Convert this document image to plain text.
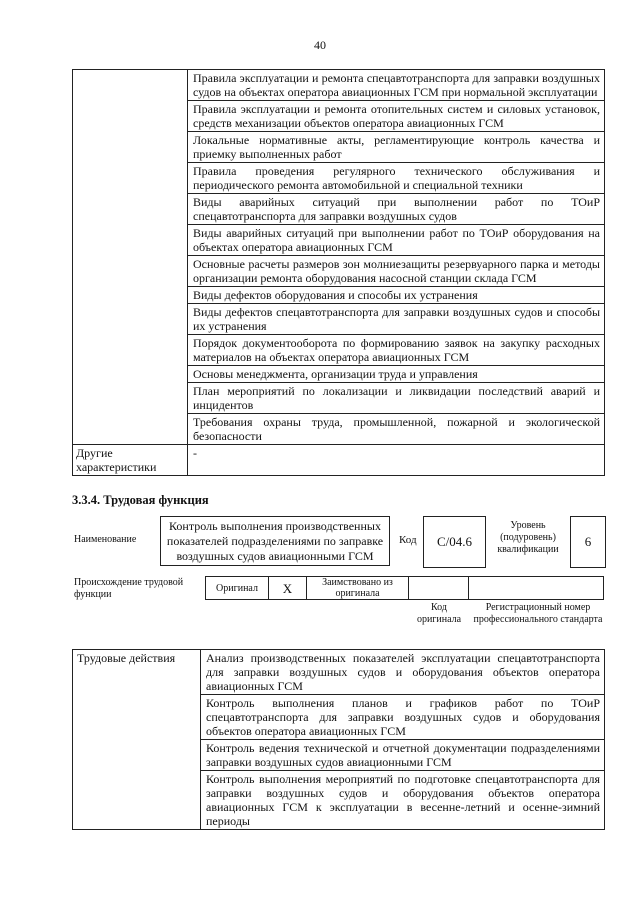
40
	Правила эксплуатации и ремонта спецавтотранспорта для заправки воздушных судов на объектах оператора авиационных ГСМ при нормальной эксплуатации
	Правила эксплуатации и ремонта отопительных систем и силовых установок, средств механизации объектов оператора авиационных ГСМ
	Локальные нормативные акты, регламентирующие контроль качества и приемку выполненных работ
	Правила проведения регулярного технического обслуживания и периодического ремонта автомобильной и специальной техники
	Виды аварийных ситуаций при выполнении работ по ТОиР спецавтотранспорта для заправки воздушных судов
	Виды аварийных ситуаций при выполнении работ по ТОиР оборудования на объектах оператора авиационных ГСМ
	Основные расчеты размеров зон молниезащиты резервуарного парка и методы организации ремонта оборудования насосной станции склада ГСМ
	Виды дефектов оборудования и способы их устранения
	Виды дефектов спецавтотранспорта для заправки воздушных судов и способы их устранения
	Порядок документооборота по формированию заявок на закупку расходных материалов на объектах оператора авиационных ГСМ
	Основы менеджмента, организации труда и управления
	План мероприятий по локализации и ликвидации последствий аварий и инцидентов
	Требования охраны труда, промышленной, пожарной и экологической безопасности
Другие характеристики	-
3.3.4. Трудовая функция
Наименование
Контроль выполнения производственных показателей подразделениями по заправке воздушных судов авиационными ГСМ
Код	C/04.6
Уровень (подуровень) квалификации
6
Происхождение трудовой функции
Оригинал	X	Заимствовано из оригинала
Код оригинала
Регистрационный номер профессионального стандарта
Трудовые действия	Анализ производственных показателей эксплуатации спецавтотранспорта для заправки воздушных судов и оборудования объектов оператора авиационных ГСМ
Контроль выполнения планов и графиков работ по ТОиР спецавтотранспорта для заправки воздушных судов и оборудования объектов оператора авиационных ГСМ
Контроль ведения технической и отчетной документации подразделениями заправки воздушных судов авиационными ГСМ
Контроль выполнения мероприятий по подготовке спецавтотранспорта для заправки воздушных судов и оборудования объектов оператора авиационных ГСМ к эксплуатации в весенне-летний и осенне-зимний периоды
